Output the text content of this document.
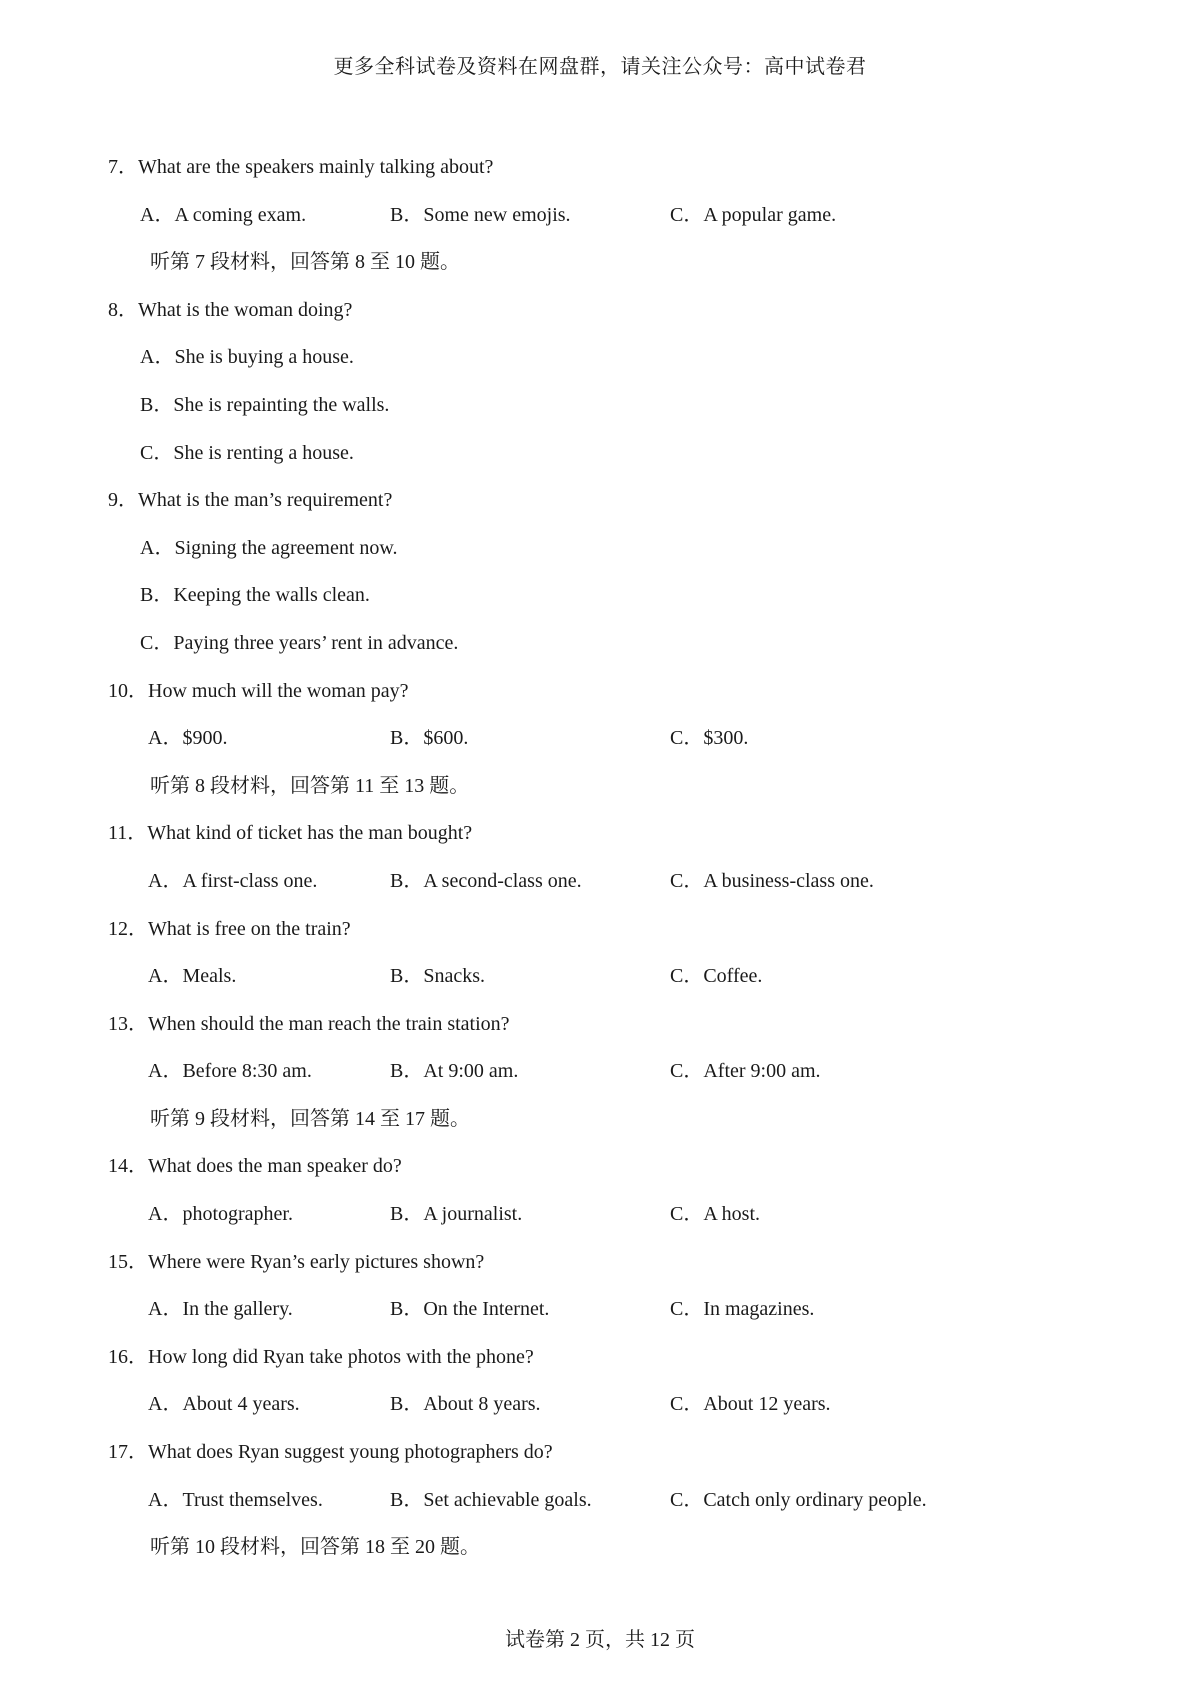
更多全科试卷及资料在网盘群，请关注公众号：高中试卷君
7．What are the speakers mainly talking about?
A．A coming exam.	B．Some new emojis.	C．A popular game.
听第 7 段材料，回答第 8 至 10 题。
8．What is the woman doing?
A．She is buying a house.
B．She is repainting the walls.
C．She is renting a house.
9．What is the man’s requirement?
A．Signing the agreement now.
B．Keeping the walls clean.
C．Paying three years’ rent in advance.
10．How much will the woman pay?
A．$900.	B．$600.	C．$300.
听第 8 段材料，回答第 11 至 13 题。
11．What kind of ticket has the man bought?
A．A first-class one.	B．A second-class one.	C．A business-class one.
12．What is free on the train?
A．Meals.	B．Snacks.	C．Coffee.
13．When should the man reach the train station?
A．Before 8:30 am.	B．At 9:00 am.	C．After 9:00 am.
听第 9 段材料，回答第 14 至 17 题。
14．What does the man speaker do?
A．photographer.	B．A journalist.	C．A host.
15．Where were Ryan’s early pictures shown?
A．In the gallery.	B．On the Internet.	C．In magazines.
16．How long did Ryan take photos with the phone?
A．About 4 years.	B．About 8 years.	C．About 12 years.
17．What does Ryan suggest young photographers do?
A．Trust themselves.	B．Set achievable goals.	C．Catch only ordinary people.
听第 10 段材料，回答第 18 至 20 题。
试卷第 2 页，共 12 页
